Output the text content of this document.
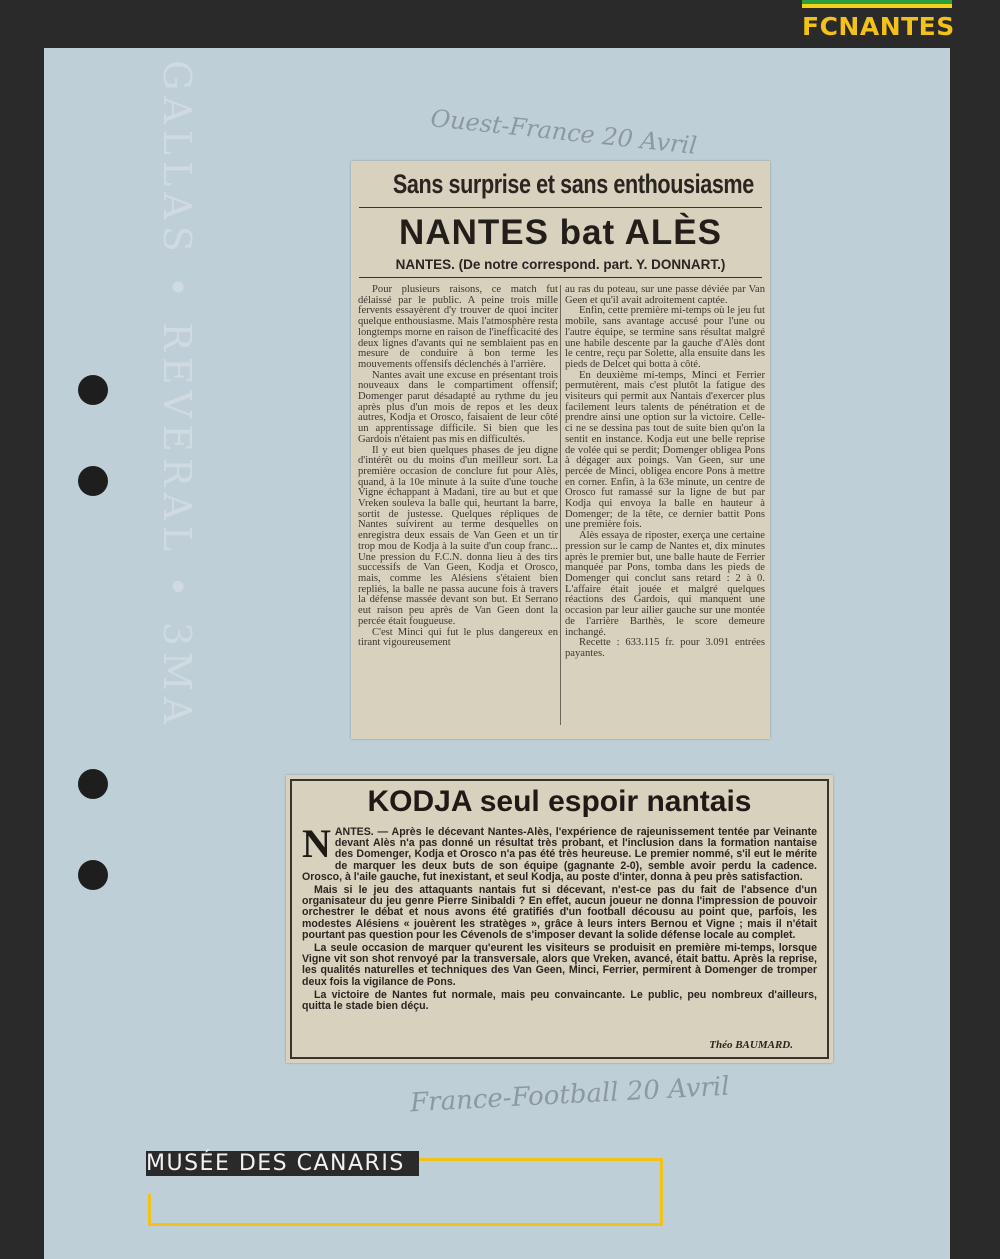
FCNANTES
GALLAS • REVERAL • 3MA	Ouest-France 20 Avril
France-Football 20 Avril
Sans surprise et sans enthousiasme
NANTES bat ALÈS
NANTES. (De notre correspond. part. Y. DONNART.)

Pour plusieurs raisons, ce match fut délaissé par le public. A peine trois mille fervents essayèrent d'y trouver de quoi inciter quelque enthousiasme. Mais l'atmosphère resta longtemps morne en raison de l'inefficacité des deux lignes d'avants qui ne semblaient pas en mesure de conduire à bon terme les mouvements offensifs déclenchés à l'arrière.

Nantes avait une excuse en présentant trois nouveaux dans le compartiment offensif; Domenger parut désadapté au rythme du jeu après plus d'un mois de repos et les deux autres, Kodja et Orosco, faisaient de leur côté un apprentissage difficile. Si bien que les Gardois n'étaient pas mis en difficultés.

Il y eut bien quelques phases de jeu digne d'intérêt ou du moins d'un meilleur sort. La première occasion de conclure fut pour Alès, quand, à la 10e minute à la suite d'une touche Vigne échappant à Madani, tire au but et que Vreken souleva la balle qui, heurtant la barre, sortit de justesse. Quelques répliques de Nantes suivirent au terme desquelles on enregistra deux essais de Van Geen et un tir trop mou de Kodja à la suite d'un coup franc... Une pression du F.C.N. donna lieu à des tirs successifs de Van Geen, Kodja et Orosco, mais, comme les Alésiens s'étaient bien repliés, la balle ne passa aucune fois à travers la défense massée devant son but. Et Serrano eut raison peu après de Van Geen dont la percée était fougueuse.

C'est Minci qui fut le plus dangereux en tirant vigoureusement

au ras du poteau, sur une passe déviée par Van Geen et qu'il avait adroitement captée.

Enfin, cette première mi-temps où le jeu fut mobile, sans avantage accusé pour l'une ou l'autre équipe, se termine sans résultat malgré une habile descente par la gauche d'Alès dont le centre, reçu par Solette, alla ensuite dans les pieds de Delcet qui botta à côté.

En deuxième mi-temps, Minci et Ferrier permutèrent, mais c'est plutôt la fatigue des visiteurs qui permit aux Nantais d'exercer plus facilement leurs talents de pénétration et de prendre ainsi une option sur la victoire. Celle-ci ne se dessina pas tout de suite bien qu'on la sentit en instance. Kodja eut une belle reprise de volée qui se perdit; Domenger obligea Pons à dégager aux poings. Van Geen, sur une percée de Minci, obligea encore Pons à mettre en corner. Enfin, à la 63e minute, un centre de Orosco fut ramassé sur la ligne de but par Kodja qui envoya la balle en hauteur à Domenger; de la tête, ce dernier battit Pons une première fois.

Alès essaya de riposter, exerça une certaine pression sur le camp de Nantes et, dix minutes après le premier but, une balle haute de Ferrier manquée par Pons, tomba dans les pieds de Domenger qui conclut sans retard : 2 à 0. L'affaire était jouée et malgré quelques réactions des Gardois, qui manquent une occasion par leur ailier gauche sur une montée de l'arrière Barthès, le score demeure inchangé.

Recette : 633.115 fr. pour 3.091 entrées payantes.

KODJA seul espoir nantais

NANTES. — Après le décevant Nantes-Alès, l'expérience de rajeunissement tentée par Veinante devant Alès n'a pas donné un résultat très probant, et l'inclusion dans la formation nantaise des Domenger, Kodja et Orosco n'a pas été très heureuse. Le premier nommé, s'il eut le mérite de marquer les deux buts de son équipe (gagnante 2-0), semble avoir perdu la cadence. Orosco, à l'aile gauche, fut inexistant, et seul Kodja, au poste d'inter, donna à peu près satisfaction.

Mais si le jeu des attaquants nantais fut si décevant, n'est-ce pas du fait de l'absence d'un organisateur du jeu genre Pierre Sinibaldi ? En effet, aucun joueur ne donna l'impression de pouvoir orchestrer le débat et nous avons été gratifiés d'un football décousu au point que, parfois, les modestes Alésiens « jouèrent les stratèges », grâce à leurs inters Bernou et Vigne ; mais il n'était pourtant pas question pour les Cévenols de s'imposer devant la solide défense locale au complet.

La seule occasion de marquer qu'eurent les visiteurs se produisit en première mi-temps, lorsque Vigne vit son shot renvoyé par la transversale, alors que Vreken, avancé, était battu. Après la reprise, les qualités naturelles et techniques des Van Geen, Minci, Ferrier, permirent à Domenger de tromper deux fois la vigilance de Pons.

La victoire de Nantes fut normale, mais peu convaincante. Le public, peu nombreux d'ailleurs, quitta le stade bien déçu.

Théo BAUMARD.
MUSÉE DES CANARIS
